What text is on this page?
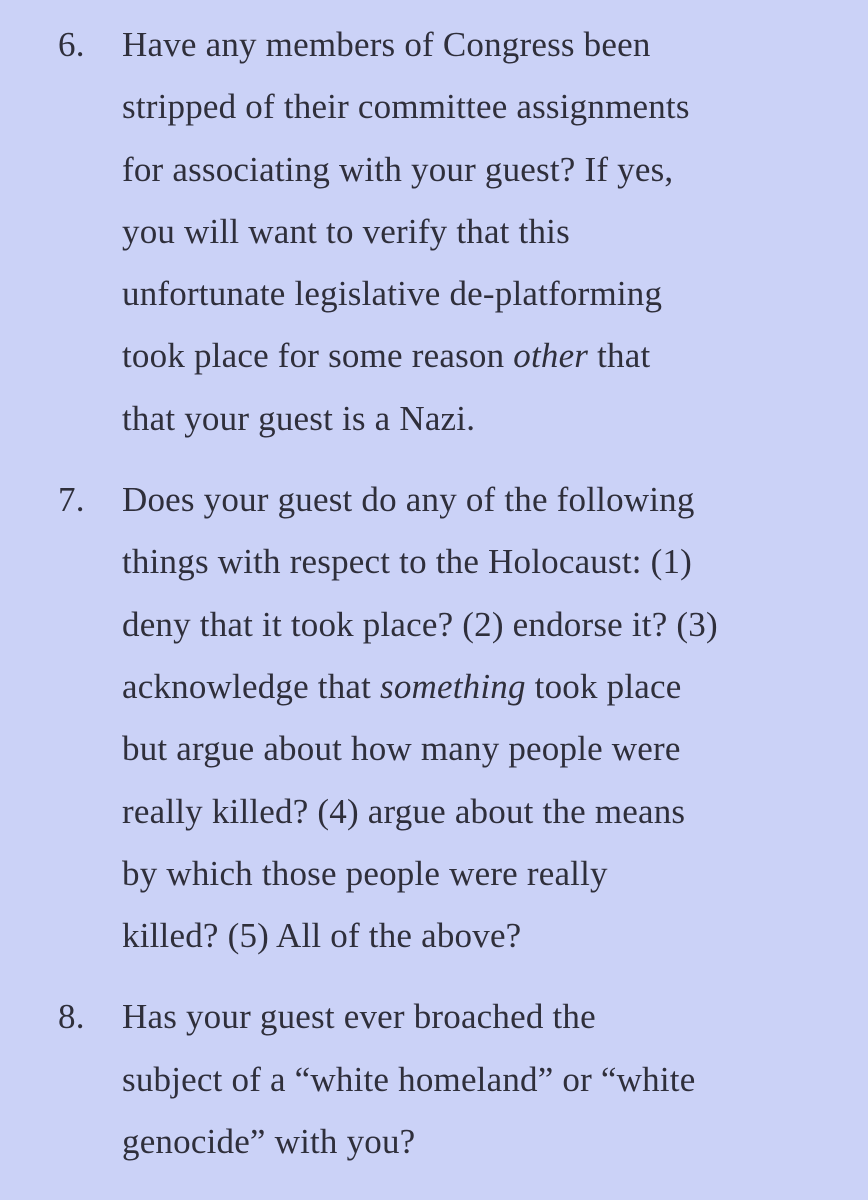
6. Have any members of Congress been
stripped of their committee assignments
for associating with your guest? If yes,
you will want to verify that this
unfortunate legislative de-platforming
took place for some reason other that
that your guest is a Nazi.
7. Does your guest do any of the following
things with respect to the Holocaust: (1)
deny that it took place? (2) endorse it? (3)
acknowledge that something took place
but argue about how many people were
really killed? (4) argue about the means
by which those people were really
killed? (5) All of the above?
8. Has your guest ever broached the
subject of a “white homeland” or “white
genocide” with you?
